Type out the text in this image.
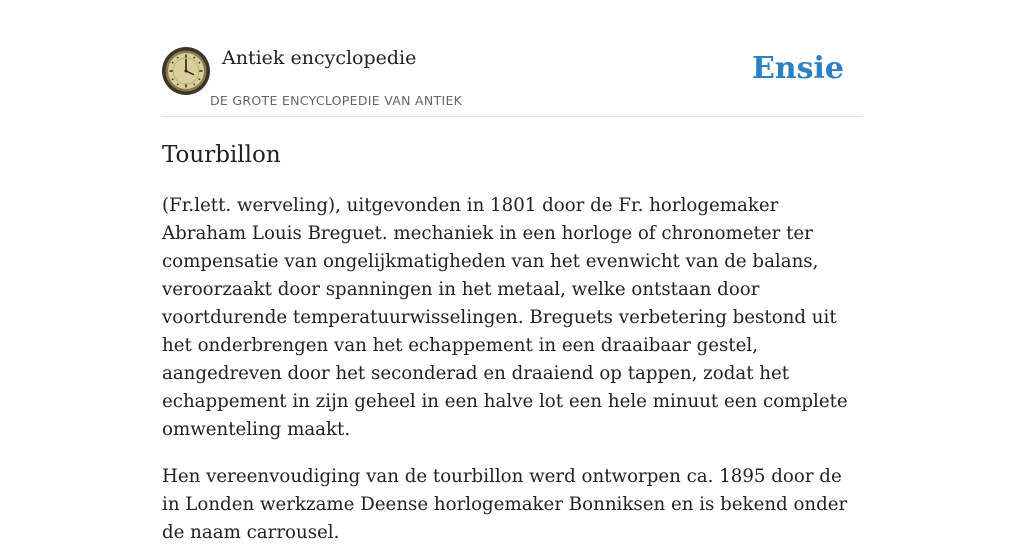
Antiek encyclopedie
DE GROTE ENCYCLOPEDIE VAN ANTIEK
Ensie
Tourbillon

(Fr.lett. werveling), uitgevonden in 1801 door de Fr. horlogemaker Abraham Louis Breguet. mechaniek in een horloge of chronometer ter compensatie van ongelijkmatigheden van het evenwicht van de balans, veroorzaakt door spanningen in het metaal, welke ontstaan door voortdurende temperatuurwisselingen. Breguets verbetering bestond uit het onderbrengen van het echappement in een draaibaar gestel, aangedreven door het seconderad en draaiend op tappen, zodat het echappement in zijn geheel in een halve lot een hele minuut een complete omwenteling maakt.

Hen vereenvoudiging van de tourbillon werd ontworpen ca. 1895 door de in Londen werkzame Deense horlogemaker Bonniksen en is bekend onder de naam carrousel.
